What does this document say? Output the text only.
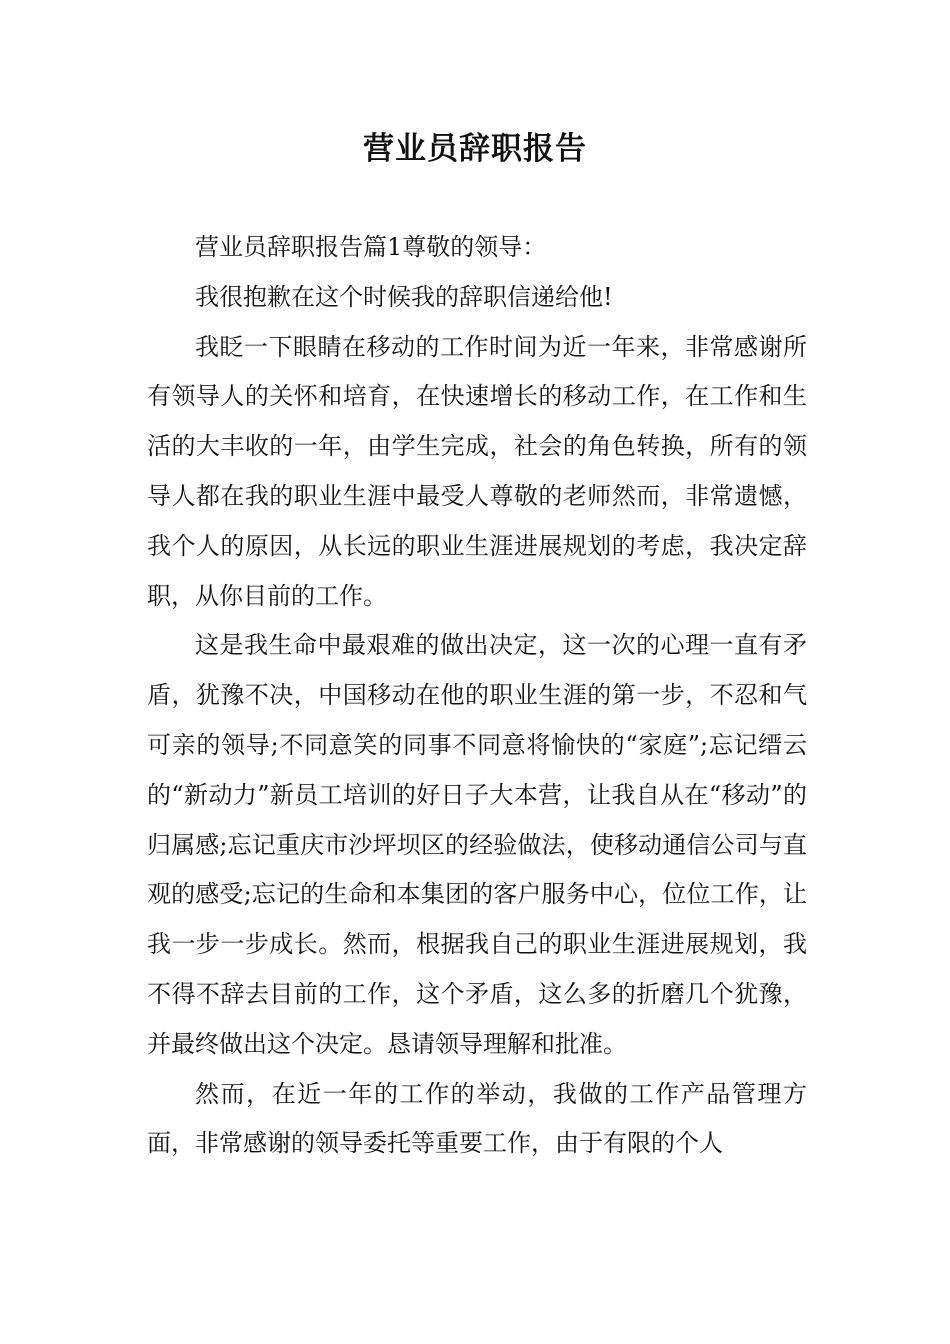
营业员辞职报告

营业员辞职报告篇1尊敬的领导：

我很抱歉在这个时候我的辞职信递给他!

我眨一下眼睛在移动的工作时间为近一年来，非常感谢所有领导人的关怀和培育，在快速增长的移动工作，在工作和生活的大丰收的一年，由学生完成，社会的角色转换，所有的领导人都在我的职业生涯中最受人尊敬的老师然而，非常遗憾，我个人的原因，从长远的职业生涯进展规划的考虑，我决定辞职，从你目前的工作。

这是我生命中最艰难的做出决定，这一次的心理一直有矛盾，犹豫不决，中国移动在他的职业生涯的第一步，不忍和气可亲的领导;不同意笑的同事不同意将愉快的“家庭”;忘记缙云的“新动力”新员工培训的好日子大本营，让我自从在“移动”的归属感;忘记重庆市沙坪坝区的经验做法，使移动通信公司与直观的感受;忘记的生命和本集团的客户服务中心，位位工作，让我一步一步成长。然而，根据我自己的职业生涯进展规划，我不得不辞去目前的工作，这个矛盾，这么多的折磨几个犹豫，并最终做出这个决定。恳请领导理解和批准。

然而，在近一年的工作的举动，我做的工作产品管理方面，非常感谢的领导委托等重要工作，由于有限的个人
